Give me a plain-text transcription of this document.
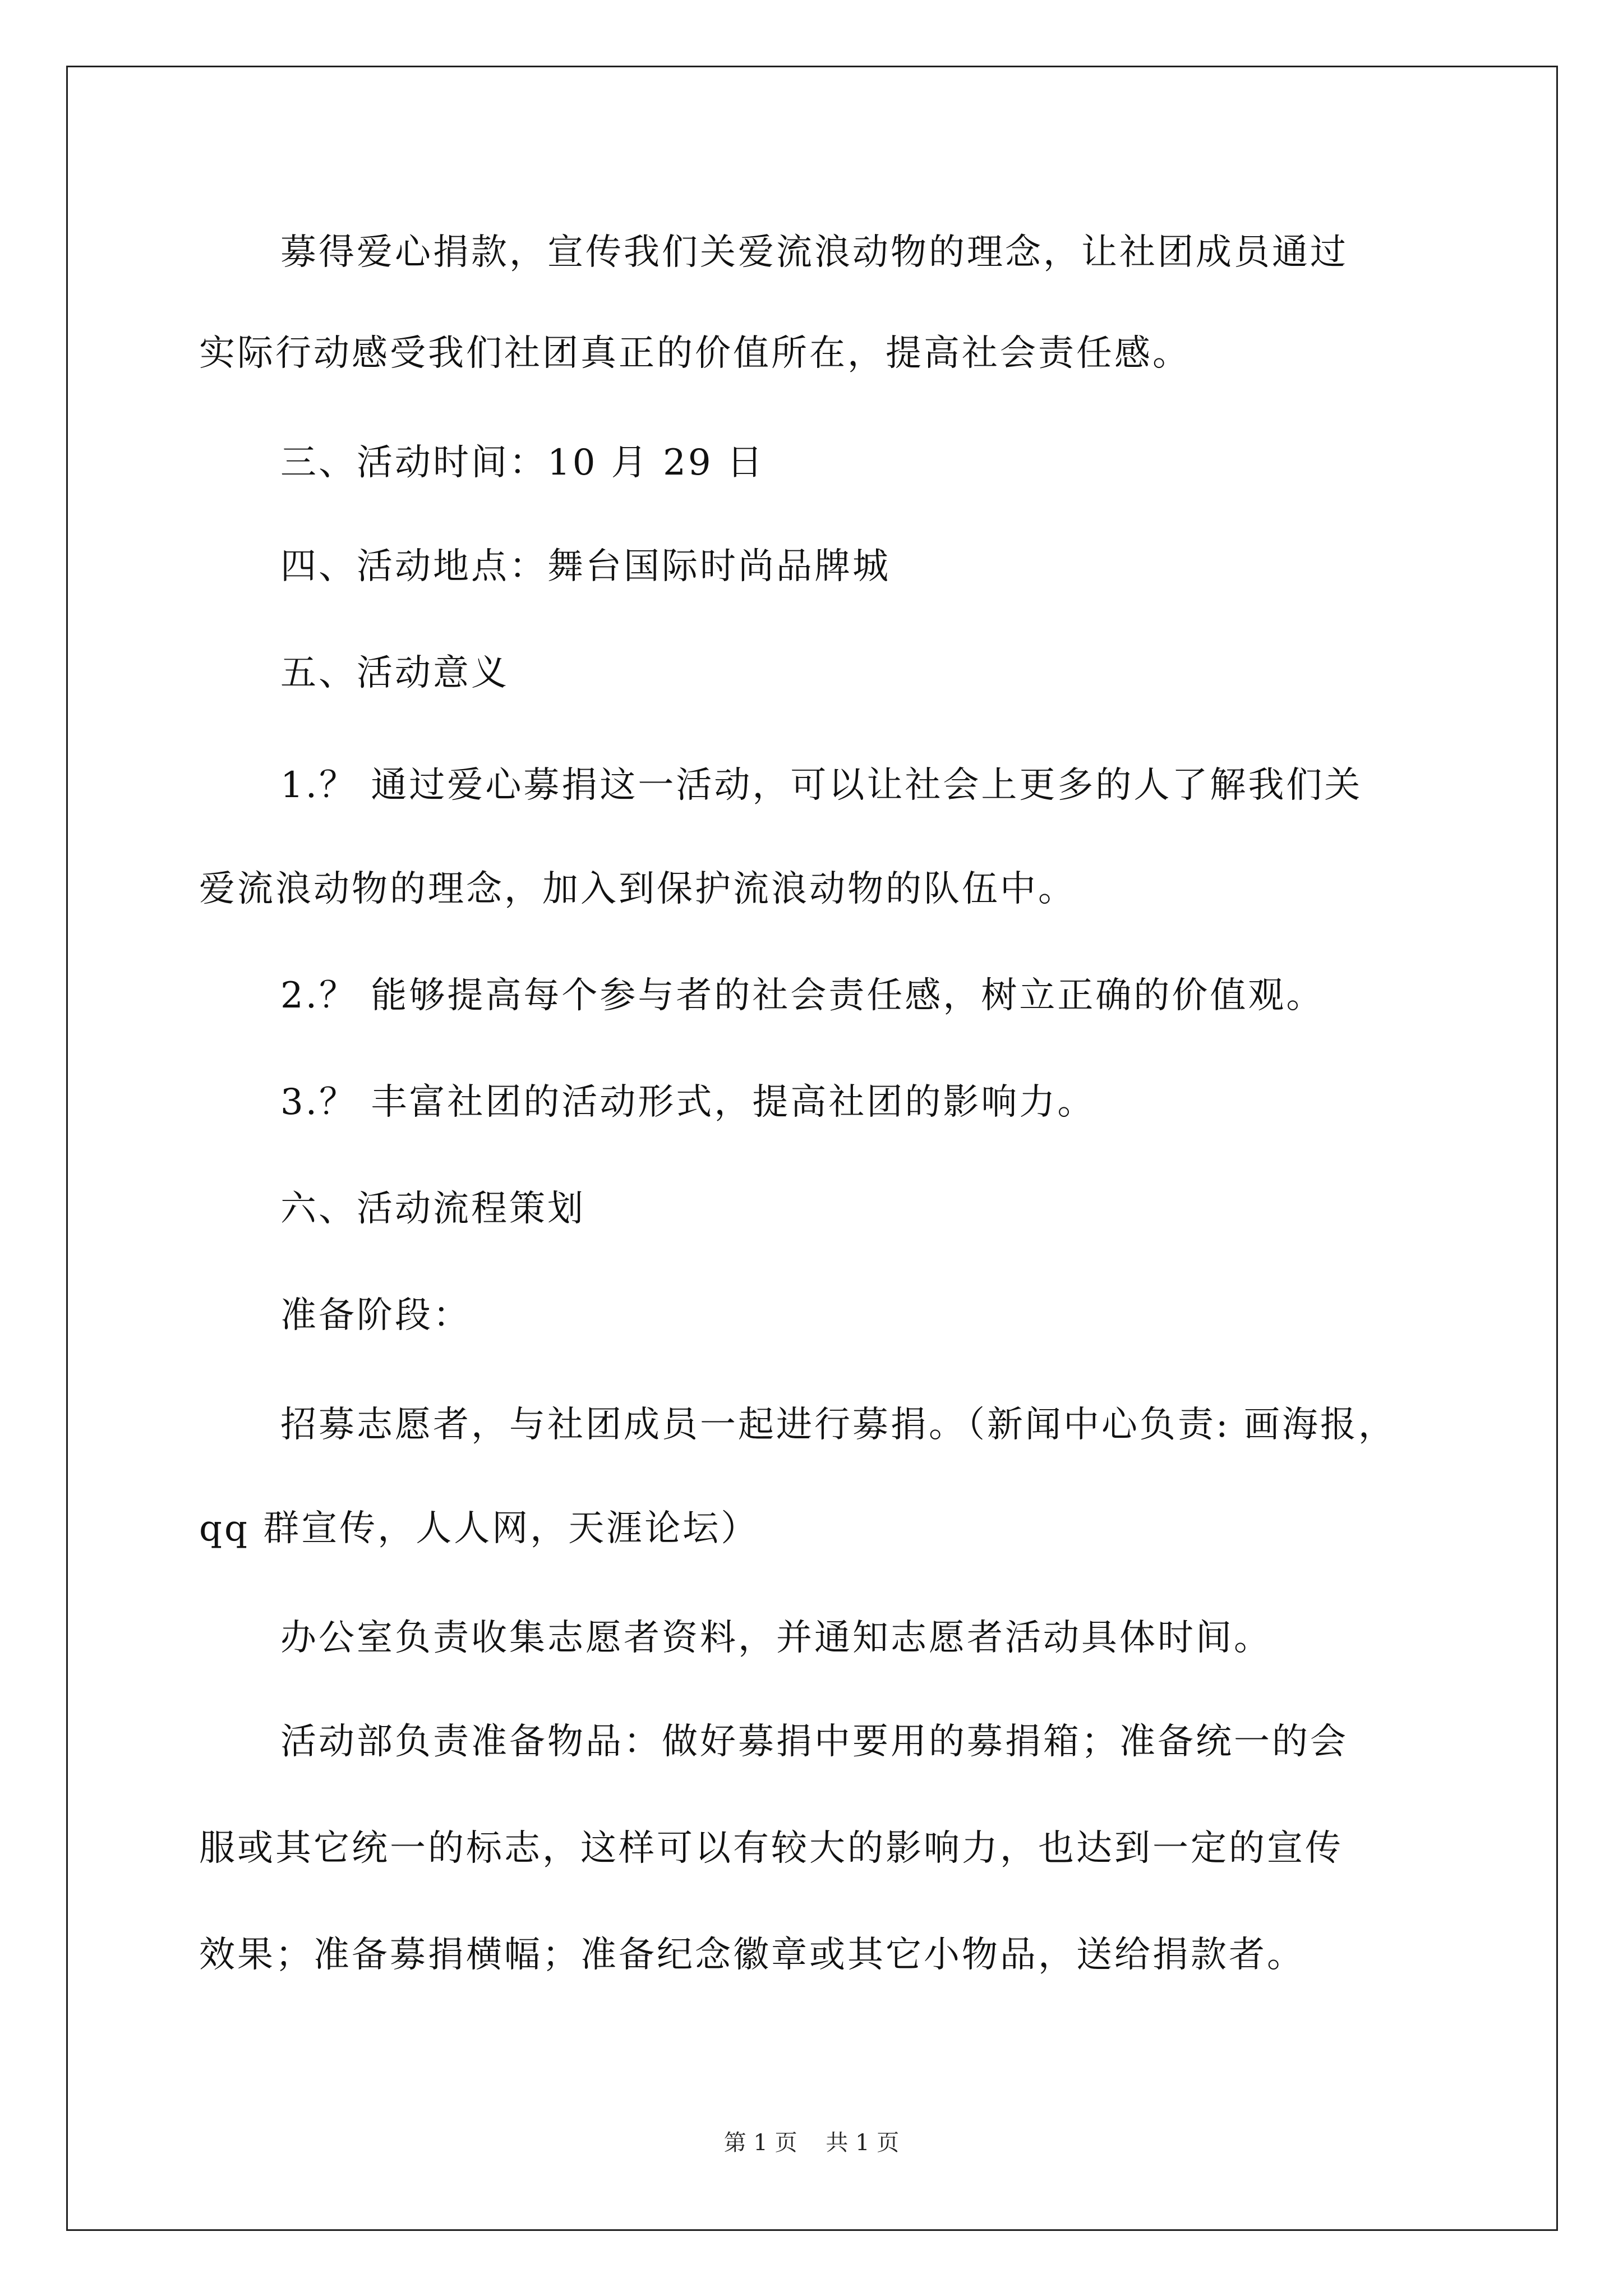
募得爱心捐款，宣传我们关爱流浪动物的理念，让社团成员通过
实际行动感受我们社团真正的价值所在，提高社会责任感。
三、活动时间：10 月 29 日
四、活动地点：舞台国际时尚品牌城
五、活动意义
1.？ 通过爱心募捐这一活动，可以让社会上更多的人了解我们关
爱流浪动物的理念，加入到保护流浪动物的队伍中。
2.？ 能够提高每个参与者的社会责任感，树立正确的价值观。
3.？ 丰富社团的活动形式，提高社团的影响力。
六、活动流程策划
准备阶段：
招募志愿者，与社团成员一起进行募捐。（新闻中心负责: 画海报，
qq 群宣传，人人网，天涯论坛）
办公室负责收集志愿者资料，并通知志愿者活动具体时间。
活动部负责准备物品：做好募捐中要用的募捐箱；准备统一的会
服或其它统一的标志，这样可以有较大的影响力，也达到一定的宣传
效果；准备募捐横幅；准备纪念徽章或其它小物品，送给捐款者。
第 1 页    共 1 页
